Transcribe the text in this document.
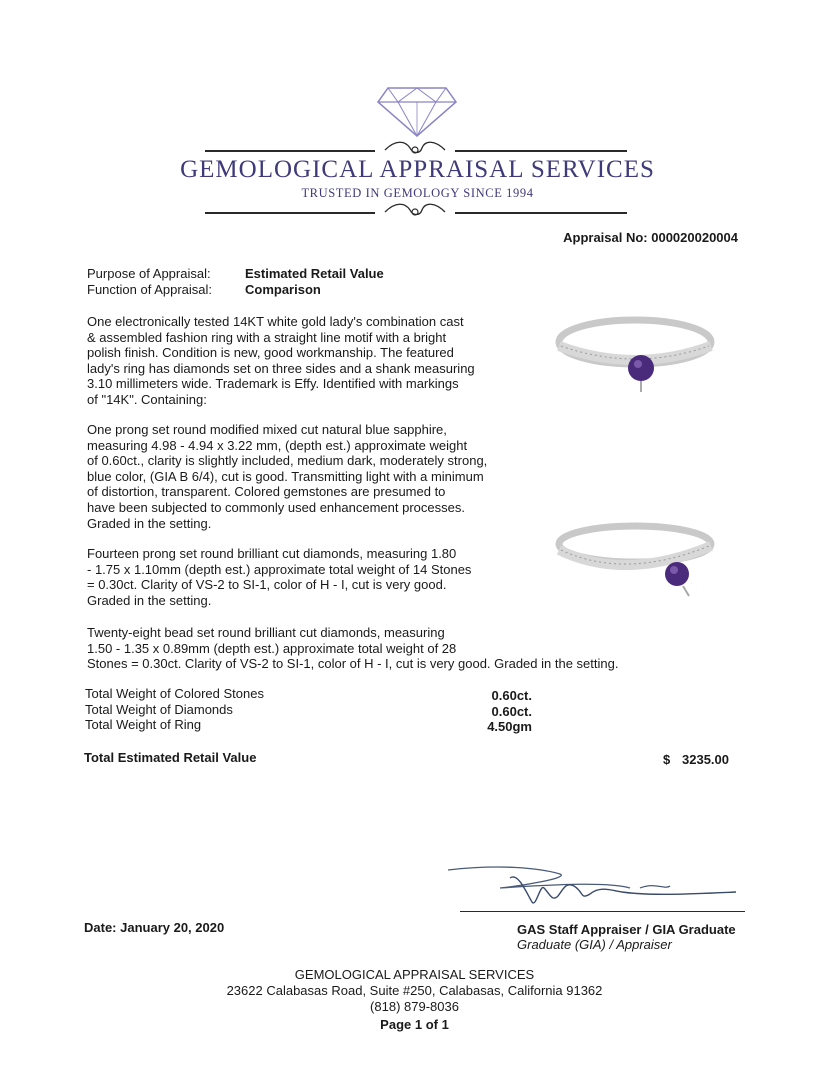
GEMOLOGICAL APPRAISAL SERVICES
TRUSTED IN GEMOLOGY SINCE 1994
Appraisal No: 000020020004
Purpose of Appraisal:	Estimated Retail Value
Function of Appraisal:	Comparison
One electronically tested 14KT white gold lady's combination cast
& assembled fashion ring with a straight line motif with a bright
polish finish. Condition is new, good workmanship. The featured
lady's ring has diamonds set on three sides and a shank measuring
3.10 millimeters wide. Trademark is Effy. Identified with markings
of "14K". Containing:
One prong set round modified mixed cut natural blue sapphire,
measuring 4.98 - 4.94 x 3.22 mm, (depth est.) approximate weight
of 0.60ct., clarity is slightly included, medium dark, moderately strong,
blue color, (GIA B 6/4), cut is good. Transmitting light with a minimum
of distortion, transparent. Colored gemstones are presumed to
have been subjected to commonly used enhancement processes.
Graded in the setting.
Fourteen prong set round brilliant cut diamonds, measuring 1.80
- 1.75 x 1.10mm (depth est.) approximate total weight of 14 Stones
= 0.30ct. Clarity of VS-2 to SI-1, color of H - I, cut is very good.
Graded in the setting.
Twenty-eight bead set round brilliant cut diamonds, measuring
1.50 - 1.35 x 0.89mm (depth est.) approximate total weight of 28
Stones = 0.30ct. Clarity of VS-2 to SI-1, color of H - I, cut is very good. Graded in the setting.
Total Weight of Colored Stones	0.60ct.
Total Weight of Diamonds	0.60ct.
Total Weight of Ring	4.50gm
Total Estimated Retail Value	$ 3235.00
Date: January 20, 2020	GAS Staff Appraiser / GIA Graduate
Graduate (GIA) / Appraiser
GEMOLOGICAL APPRAISAL SERVICES
23622 Calabasas Road, Suite #250, Calabasas, California 91362
(818) 879-8036
Page 1 of 1
